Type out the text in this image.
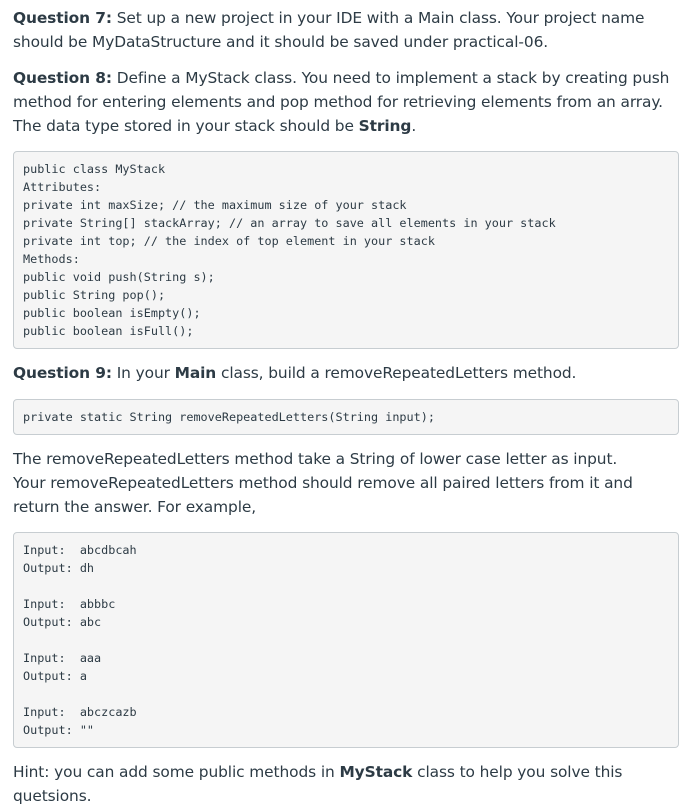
Question 7: Set up a new project in your IDE with a Main class. Your project name should be MyDataStructure and it should be saved under practical-06.

Question 8: Define a MyStack class. You need to implement a stack by creating push method for entering elements and pop method for retrieving elements from an array. The data type stored in your stack should be String.

public class MyStack
Attributes:
private int maxSize; // the maximum size of your stack
private String[] stackArray; // an array to save all elements in your stack
private int top; // the index of top element in your stack
Methods:
public void push(String s);
public String pop();
public boolean isEmpty();
public boolean isFull();

Question 9: In your Main class, build a removeRepeatedLetters method.

private static String removeRepeatedLetters(String input);

The removeRepeatedLetters method take a String of lower case letter as input.
Your removeRepeatedLetters method should remove all paired letters from it and return the answer. For example,

Input:  abcdbcah
Output: dh

Input:  abbbc
Output: abc

Input:  aaa
Output: a

Input:  abczcazb
Output: ""

Hint: you can add some public methods in MyStack class to help you solve this quetsions.
